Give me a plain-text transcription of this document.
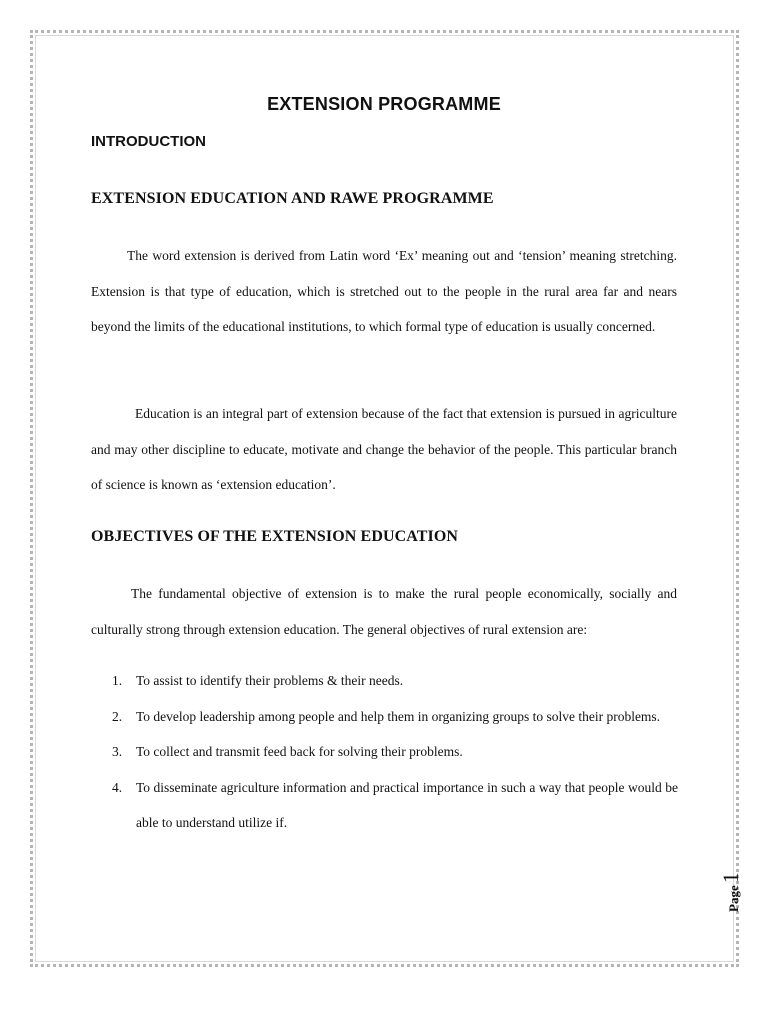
EXTENSION PROGRAMME
INTRODUCTION
EXTENSION EDUCATION AND RAWE PROGRAMME

The word extension is derived from Latin word ‘Ex’ meaning out and ‘tension’ meaning stretching. Extension is that type of education, which is stretched out to the people in the rural area far and nears beyond the limits of the educational institutions, to which formal type of education is usually concerned.

Education is an integral part of extension because of the fact that extension is pursued in agriculture and may other discipline to educate, motivate and change the behavior of the people. This particular branch of science is known as ‘extension education’.

OBJECTIVES OF THE EXTENSION EDUCATION

The fundamental objective of extension is to make the rural people economically, socially and culturally strong through extension education. The general objectives of rural extension are:

1. To assist to identify their problems & their needs.
2. To develop leadership among people and help them in organizing groups to solve their problems.
3. To collect and transmit feed back for solving their problems.
4. To disseminate agriculture information and practical importance in such a way that people would be able to understand utilize if.
Page1
